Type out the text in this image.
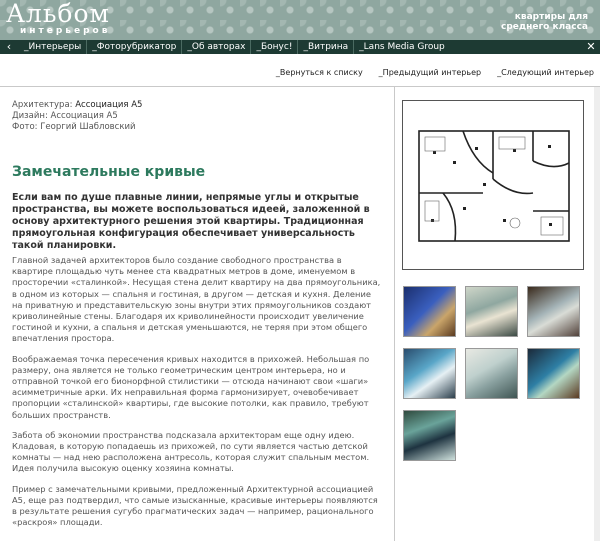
Альбом
интерьеров
квартиры для
среднего класса
‹	_Интерьеры _Фоторубрикатор _Об авторах _Бонус! _Витрина _Lans Media Group	✕
_Вернуться к списку _Предыдущий интерьер _Следующий интерьер
Архитектура: Ассоциация А5
Дизайн: Ассоциация А5
Фото: Георгий Шабловский
Замечательные кривые
Если вам по душе плавные линии, непрямые углы и открытые пространства, вы можете воспользоваться идеей, заложенной в основу архитектурного решения этой квартиры. Традиционная прямоугольная конфигурация обеспечивает универсальность такой планировки.

Главной задачей архитекторов было создание свободного пространства в квартире площадью чуть менее ста квадратных метров в доме, именуемом в просторечии «сталинкой». Несущая стена делит квартиру на два прямоугольника, в одном из которых — спальня и гостиная, в другом — детская и кухня. Деление на приватную и представительскую зоны внутри этих прямоугольников создают криволинейные стены. Благодаря их криволинейности происходит увеличение гостиной и кухни, а спальня и детская уменьшаются, не теряя при этом общего впечатления простора.

Воображаемая точка пересечения кривых находится в прихожей. Небольшая по размеру, она является не только геометрическим центром интерьера, но и отправной точкой его бионорфной стилистики — отсюда начинают свои «шаги» асимметричные арки. Их неправильная форма гармонизирует, очевобечивает пропорции «сталинской» квартиры, где высокие потолки, как правило, требуют больших пространств.

Забота об экономии пространства подсказала архитекторам еще одну идею. Кладовая, в которую попадаешь из прихожей, по сути является частью детской комнаты — над нею расположена антресоль, которая служит спальным местом. Идея получила высокую оценку хозяина комнаты.

Пример с замечательными кривыми, предложенный Архитектурной ассоциацией А5, еще раз подтвердил, что самые изысканные, красивые интерьеры появляются в результате решения сугубо прагматических задач — например, рационального «раскроя» площади.
